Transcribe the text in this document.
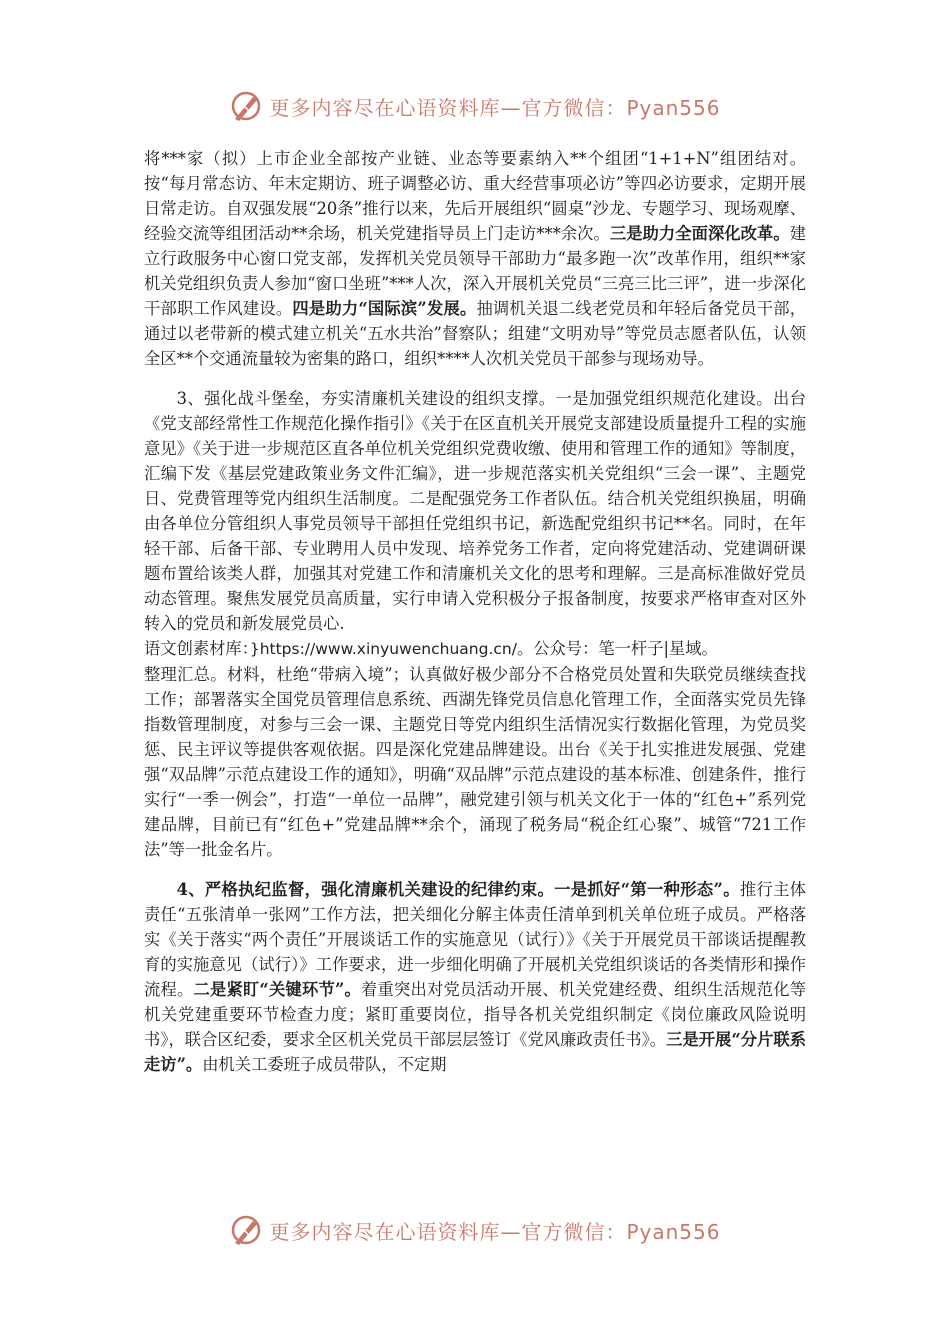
更多内容尽在心语资料库—官方微信：Pyan556

将***家（拟）上市企业全部按产业链、业态等要素纳入**个组团“1+1+N”组团结对。按“每月常态访、年末定期访、班子调整必访、重大经营事项必访”等四必访要求，定期开展日常走访。自双强发展“20条”推行以来，先后开展组织“圆桌”沙龙、专题学习、现场观摩、经验交流等组团活动**余场，机关党建指导员上门走访***余次。三是助力全面深化改革。建立行政服务中心窗口党支部，发挥机关党员领导干部助力“最多跑一次”改革作用，组织**家机关党组织负责人参加“窗口坐班”***人次，深入开展机关党员“三亮三比三评”，进一步深化干部职工作风建设。四是助力“国际滨”发展。抽调机关退二线老党员和年轻后备党员干部，通过以老带新的模式建立机关“五水共治”督察队；组建“文明劝导”等党员志愿者队伍，认领全区**个交通流量较为密集的路口，组织****人次机关党员干部参与现场劝导。

3、强化战斗堡垒，夯实清廉机关建设的组织支撑。一是加强党组织规范化建设。出台《党支部经常性工作规范化操作指引》《关于在区直机关开展党支部建设质量提升工程的实施意见》《关于进一步规范区直各单位机关党组织党费收缴、使用和管理工作的通知》等制度，汇编下发《基层党建政策业务文件汇编》，进一步规范落实机关党组织“三会一课”、主题党日、党费管理等党内组织生活制度。二是配强党务工作者队伍。结合机关党组织换届，明确由各单位分管组织人事党员领导干部担任党组织书记，新选配党组织书记**名。同时，在年轻干部、后备干部、专业聘用人员中发现、培养党务工作者，定向将党建活动、党建调研课题布置给该类人群，加强其对党建工作和清廉机关文化的思考和理解。三是高标准做好党员动态管理。聚焦发展党员高质量，实行申请入党积极分子报备制度，按要求严格审查对区外转入的党员和新发展党员心.
语文创素材库：}https://www.xinyuwenchuang.cn/。公众号：笔一杆子|星域。
整理汇总。材料，杜绝“带病入境”；认真做好极少部分不合格党员处置和失联党员继续查找工作；部署落实全国党员管理信息系统、西湖先锋党员信息化管理工作，全面落实党员先锋指数管理制度，对参与三会一课、主题党日等党内组织生活情况实行数据化管理，为党员奖惩、民主评议等提供客观依据。四是深化党建品牌建设。出台《关于扎实推进发展强、党建强“双品牌”示范点建设工作的通知》，明确“双品牌”示范点建设的基本标准、创建条件，推行实行“一季一例会”，打造“一单位一品牌”，融党建引领与机关文化于一体的“红色+”系列党建品牌，目前已有“红色+”党建品牌**余个，涌现了税务局“税企红心聚”、城管“721工作法”等一批金名片。

4、严格执纪监督，强化清廉机关建设的纪律约束。一是抓好“第一种形态”。推行主体责任“五张清单一张网”工作方法，把关细化分解主体责任清单到机关单位班子成员。严格落实《关于落实“两个责任”开展谈话工作的实施意见（试行）》《关于开展党员干部谈话提醒教育的实施意见（试行）》工作要求，进一步细化明确了开展机关党组织谈话的各类情形和操作流程。二是紧盯“关键环节”。着重突出对党员活动开展、机关党建经费、组织生活规范化等机关党建重要环节检查力度；紧盯重要岗位，指导各机关党组织制定《岗位廉政风险说明书》，联合区纪委，要求全区机关党员干部层层签订《党风廉政责任书》。三是开展“分片联系走访”。由机关工委班子成员带队，不定期

更多内容尽在心语资料库—官方微信：Pyan556
